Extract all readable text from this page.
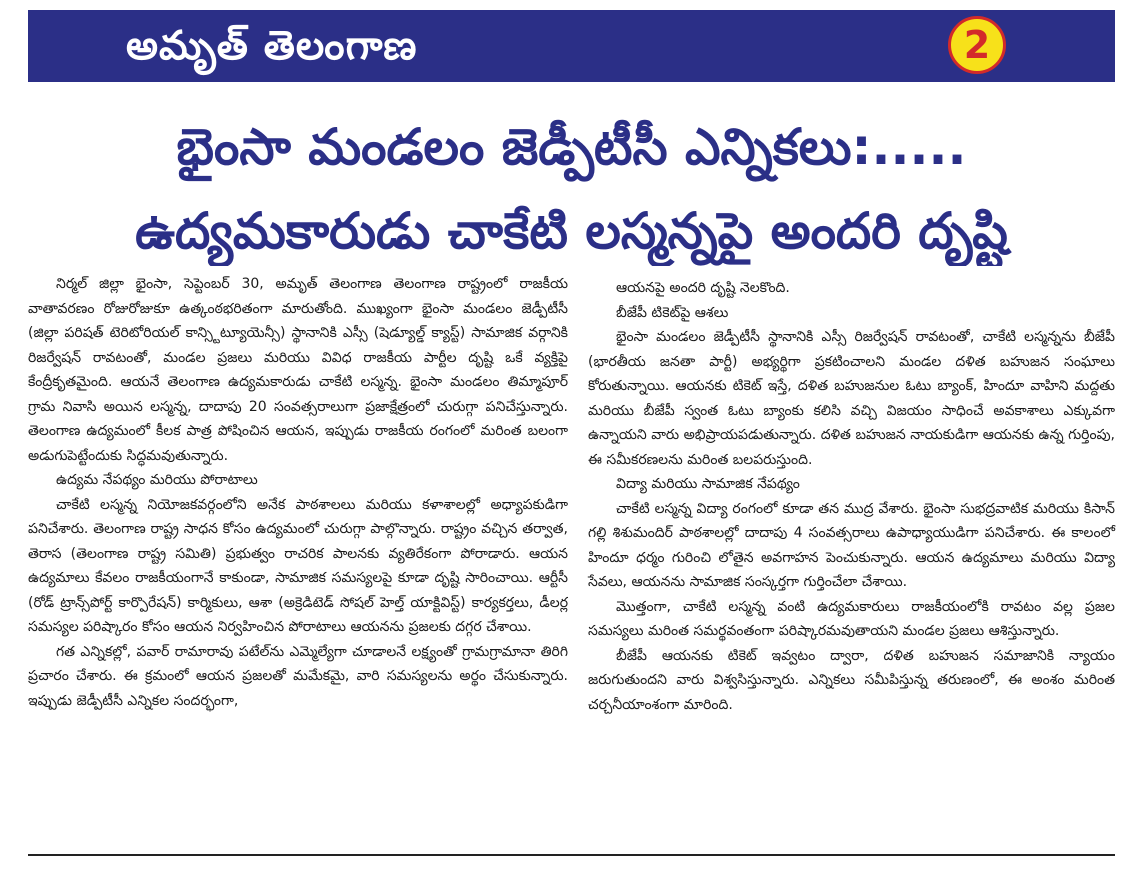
అమృత్ తెలంగాణ	2
భైంసా మండలం జెడ్పీటీసీ ఎన్నికలు:.....
ఉద్యమకారుడు చాకేటి లస్మన్నపై అందరి దృష్టి

నిర్మల్ జిల్లా భైంసా, సెప్టెంబర్ 30, అమృత్ తెలంగాణ తెలంగాణ రాష్ట్రంలో రాజకీయ వాతావరణం రోజురోజుకూ ఉత్కంఠభరితంగా మారుతోంది. ముఖ్యంగా భైంసా మండలం జెడ్పీటీసీ (జిల్లా పరిషత్ టెరిటోరియల్ కాన్స్టిట్యూయెన్సీ) స్థానానికి ఎస్సీ (షెడ్యూల్డ్ క్యాస్ట్) సామాజిక వర్గానికి రిజర్వేషన్ రావటంతో, మండల ప్రజలు మరియు వివిధ రాజకీయ పార్టీల దృష్టి ఒకే వ్యక్తిపై కేంద్రీకృతమైంది. ఆయనే తెలంగాణ ఉద్యమకారుడు చాకేటి లస్మన్న. భైంసా మండలం తిమ్మాపూర్ గ్రామ నివాసి అయిన లస్మన్న, దాదాపు 20 సంవత్సరాలుగా ప్రజాక్షేత్రంలో చురుగ్గా పనిచేస్తున్నారు. తెలంగాణ ఉద్యమంలో కీలక పాత్ర పోషించిన ఆయన, ఇప్పుడు రాజకీయ రంగంలో మరింత బలంగా అడుగుపెట్టేందుకు సిద్ధమవుతున్నారు.

ఉద్యమ నేపథ్యం మరియు పోరాటాలు

చాకేటి లస్మన్న నియోజకవర్గంలోని అనేక పాఠశాలలు మరియు కళాశాలల్లో అధ్యాపకుడిగా పనిచేశారు. తెలంగాణ రాష్ట్ర సాధన కోసం ఉద్యమంలో చురుగ్గా పాల్గొన్నారు. రాష్ట్రం వచ్చిన తర్వాత, తెరాస (తెలంగాణ రాష్ట్ర సమితి) ప్రభుత్వం రాచరిక పాలనకు వ్యతిరేకంగా పోరాడారు. ఆయన ఉద్యమాలు కేవలం రాజకీయంగానే కాకుండా, సామాజిక సమస్యలపై కూడా దృష్టి సారించాయి. ఆర్టీసీ (రోడ్ ట్రాన్స్‌పోర్ట్ కార్పొరేషన్) కార్మికులు, ఆశా (అక్రెడిటెడ్ సోషల్ హెల్త్ యాక్టివిస్ట్) కార్యకర్తలు, డీలర్ల సమస్యల పరిష్కారం కోసం ఆయన నిర్వహించిన పోరాటాలు ఆయనను ప్రజలకు దగ్గర చేశాయి.

గత ఎన్నికల్లో, పవార్ రామారావు పటేల్‌ను ఎమ్మెల్యేగా చూడాలనే లక్ష్యంతో గ్రామగ్రామానా తిరిగి ప్రచారం చేశారు. ఈ క్రమంలో ఆయన ప్రజలతో మమేకమై, వారి సమస్యలను అర్థం చేసుకున్నారు. ఇప్పుడు జెడ్పీటీసీ ఎన్నికల సందర్భంగా,

ఆయనపై అందరి దృష్టి నెలకొంది.

బీజేపీ టికెట్‌పై ఆశలు

భైంసా మండలం జెడ్పీటీసీ స్థానానికి ఎస్సీ రిజర్వేషన్ రావటంతో, చాకేటి లస్మన్నను బీజేపీ (భారతీయ జనతా పార్టీ) అభ్యర్థిగా ప్రకటించాలని మండల దళిత బహుజన సంఘాలు కోరుతున్నాయి. ఆయనకు టికెట్ ఇస్తే, దళిత బహుజనుల ఓటు బ్యాంక్, హిందూ వాహిని మద్దతు మరియు బీజేపీ స్వంత ఓటు బ్యాంకు కలిసి వచ్చి విజయం సాధించే అవకాశాలు ఎక్కువగా ఉన్నాయని వారు అభిప్రాయపడుతున్నారు. దళిత బహుజన నాయకుడిగా ఆయనకు ఉన్న గుర్తింపు, ఈ సమీకరణలను మరింత బలపరుస్తుంది.

విద్యా మరియు సామాజిక నేపథ్యం

చాకేటి లస్మన్న విద్యా రంగంలో కూడా తన ముద్ర వేశారు. భైంసా సుభద్రవాటిక మరియు కిసాన్ గల్లి శిశుమందిర్ పాఠశాలల్లో దాదాపు 4 సంవత్సరాలు ఉపాధ్యాయుడిగా పనిచేశారు. ఈ కాలంలో హిందూ ధర్మం గురించి లోతైన అవగాహన పెంచుకున్నారు. ఆయన ఉద్యమాలు మరియు విద్యా సేవలు, ఆయనను సామాజిక సంస్కర్తగా గుర్తించేలా చేశాయి.

మొత్తంగా, చాకేటి లస్మన్న వంటి ఉద్యమకారులు రాజకీయంలోకి రావటం వల్ల ప్రజల సమస్యలు మరింత సమర్థవంతంగా పరిష్కారమవుతాయని మండల ప్రజలు ఆశిస్తున్నారు.

బీజేపీ ఆయనకు టికెట్ ఇవ్వటం ద్వారా, దళిత బహుజన సమాజానికి న్యాయం జరుగుతుందని వారు విశ్వసిస్తున్నారు. ఎన్నికలు సమీపిస్తున్న తరుణంలో, ఈ అంశం మరింత చర్చనీయాంశంగా మారింది.
